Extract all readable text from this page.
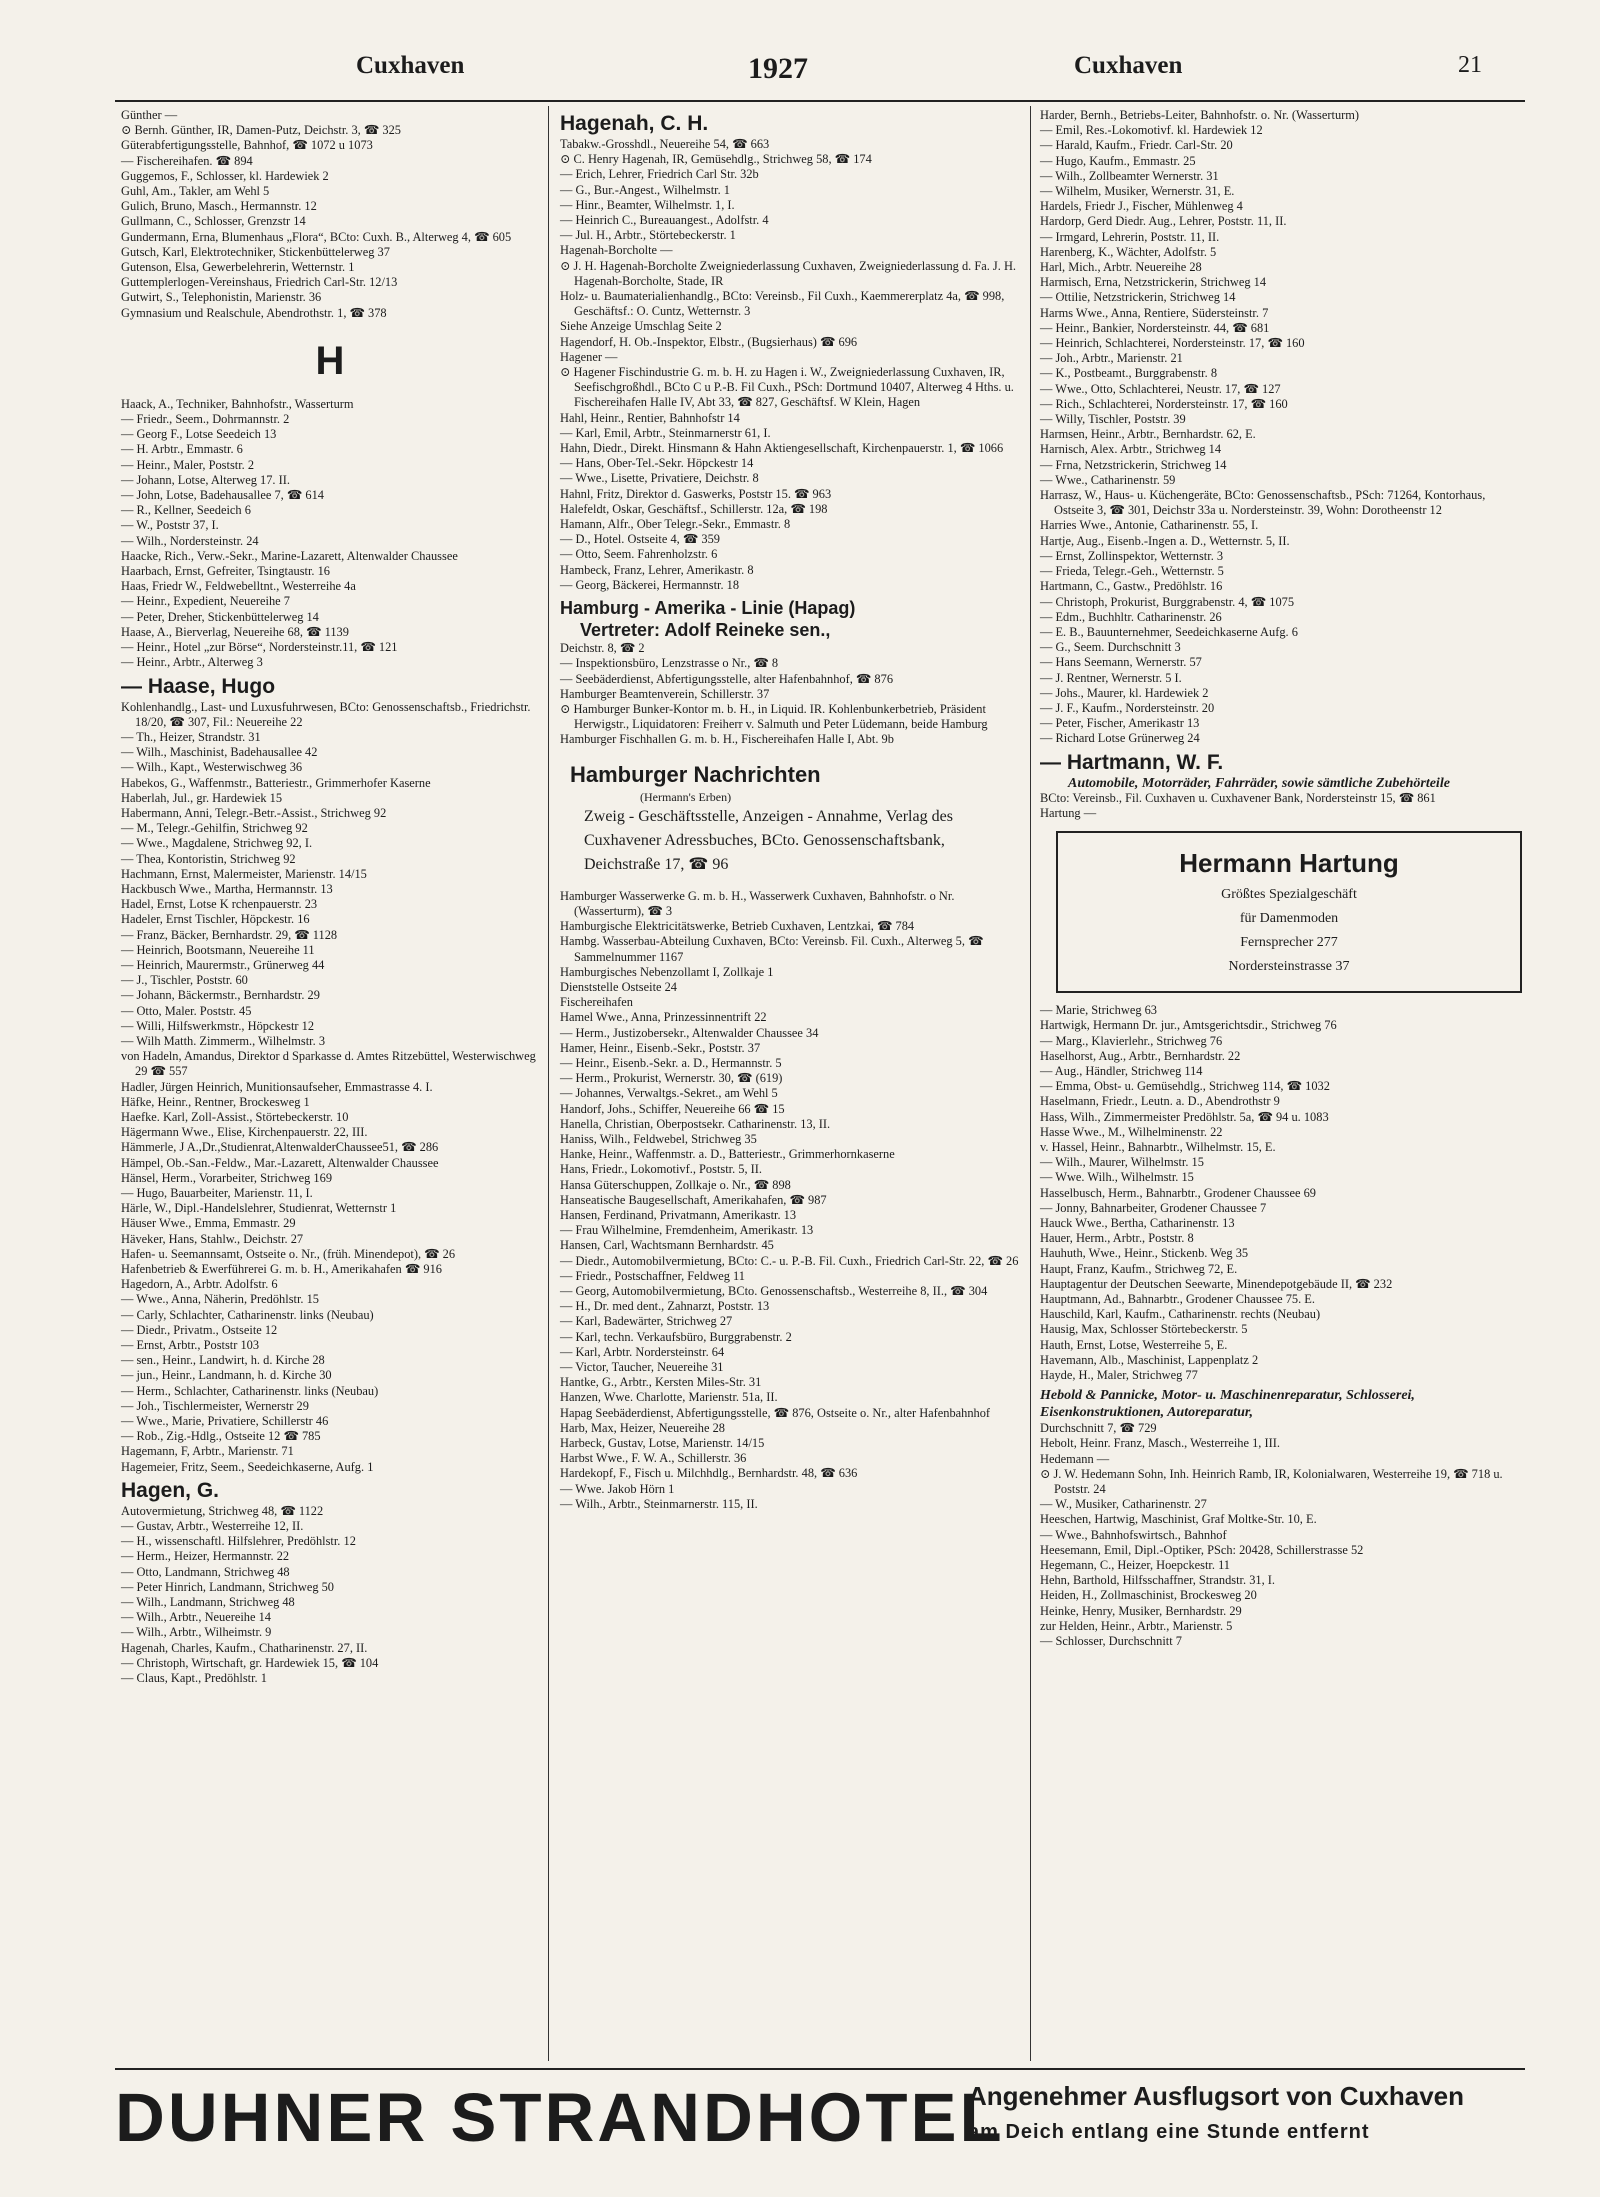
Cuxhaven	1927	Cuxhaven	21
Günther —
⊙ Bernh. Günther, IR, Damen-Putz, Deichstr. 3, ☎ 325
Güterabfertigungsstelle, Bahnhof, ☎ 1072 u 1073
— Fischereihafen. ☎ 894
Guggemos, F., Schlosser, kl. Hardewiek 2
Guhl, Am., Takler, am Wehl 5
Gulich, Bruno, Masch., Hermannstr. 12
Gullmann, C., Schlosser, Grenzstr 14
Gundermann, Erna, Blumenhaus „Flora“, BCto: Cuxh. B., Alterweg 4, ☎ 605
Gutsch, Karl, Elektrotechniker, Stickenbüttelerweg 37
Gutenson, Elsa, Gewerbelehrerin, Wetternstr. 1
Guttemplerlogen-Vereinshaus, Friedrich Carl-Str. 12/13
Gutwirt, S., Telephonistin, Marienstr. 36
Gymnasium und Realschule, Abendrothstr. 1, ☎ 378
H
Haack, A., Techniker, Bahnhofstr., Wasserturm
— Friedr., Seem., Dohrmannstr. 2
— Georg F., Lotse Seedeich 13
— H. Arbtr., Emmastr. 6
— Heinr., Maler, Poststr. 2
— Johann, Lotse, Alterweg 17. II.
— John, Lotse, Badehausallee 7, ☎ 614
— R., Kellner, Seedeich 6
— W., Poststr 37, I.
— Wilh., Nordersteinstr. 24
Haacke, Rich., Verw.-Sekr., Marine-Lazarett, Altenwalder Chaussee
Haarbach, Ernst, Gefreiter, Tsingtaustr. 16
Haas, Friedr W., Feldwebelltnt., Westerreihe 4a
— Heinr., Expedient, Neuereihe 7
— Peter, Dreher, Stickenbüttelerweg 14
Haase, A., Bierverlag, Neuereihe 68, ☎ 1139
— Heinr., Hotel „zur Börse“, Nordersteinstr.11, ☎ 121
— Heinr., Arbtr., Alterweg 3
— Haase, Hugo
Kohlenhandlg., Last- und Luxusfuhrwesen, BCto: Genossenschaftsb., Friedrichstr. 18/20, ☎ 307, Fil.: Neuereihe 22
— Th., Heizer, Strandstr. 31
— Wilh., Maschinist, Badehausallee 42
— Wilh., Kapt., Westerwischweg 36
Habekos, G., Waffenmstr., Batteriestr., Grimmerhofer Kaserne
Haberlah, Jul., gr. Hardewiek 15
Habermann, Anni, Telegr.-Betr.-Assist., Strichweg 92
— M., Telegr.-Gehilfin, Strichweg 92
— Wwe., Magdalene, Strichweg 92, I.
— Thea, Kontoristin, Strichweg 92
Hachmann, Ernst, Malermeister, Marienstr. 14/15
Hackbusch Wwe., Martha, Hermannstr. 13
Hadel, Ernst, Lotse K rchenpauerstr. 23
Hadeler, Ernst Tischler, Höpckestr. 16
— Franz, Bäcker, Bernhardstr. 29, ☎ 1128
— Heinrich, Bootsmann, Neuereihe 11
— Heinrich, Maurermstr., Grünerweg 44
— J., Tischler, Poststr. 60
— Johann, Bäckermstr., Bernhardstr. 29
— Otto, Maler. Poststr. 45
— Willi, Hilfswerkmstr., Höpckestr 12
— Wilh Matth. Zimmerm., Wilhelmstr. 3
von Hadeln, Amandus, Direktor d Sparkasse d. Amtes Ritzebüttel, Westerwischweg 29 ☎ 557
Hadler, Jürgen Heinrich, Munitionsaufseher, Emmastrasse 4. I.
Häfke, Heinr., Rentner, Brockesweg 1
Haefke. Karl, Zoll-Assist., Störtebeckerstr. 10
Hägermann Wwe., Elise, Kirchenpauerstr. 22, III.
Hämmerle, J A.,Dr.,Studienrat,AltenwalderChaussee51, ☎ 286
Hämpel, Ob.-San.-Feldw., Mar.-Lazarett, Altenwalder Chaussee
Hänsel, Herm., Vorarbeiter, Strichweg 169
— Hugo, Bauarbeiter, Marienstr. 11, I.
Härle, W., Dipl.-Handelslehrer, Studienrat, Wetternstr 1
Häuser Wwe., Emma, Emmastr. 29
Häveker, Hans, Stahlw., Deichstr. 27
Hafen- u. Seemannsamt, Ostseite o. Nr., (früh. Minendepot), ☎ 26
Hafenbetrieb & Ewerführerei G. m. b. H., Amerikahafen ☎ 916
Hagedorn, A., Arbtr. Adolfstr. 6
— Wwe., Anna, Näherin, Predöhlstr. 15
— Carly, Schlachter, Catharinenstr. links (Neubau)
— Diedr., Privatm., Ostseite 12
— Ernst, Arbtr., Poststr 103
— sen., Heinr., Landwirt, h. d. Kirche 28
— jun., Heinr., Landmann, h. d. Kirche 30
— Herm., Schlachter, Catharinenstr. links (Neubau)
— Joh., Tischlermeister, Wernerstr 29
— Wwe., Marie, Privatiere, Schillerstr 46
— Rob., Zig.-Hdlg., Ostseite 12 ☎ 785
Hagemann, F, Arbtr., Marienstr. 71
Hagemeier, Fritz, Seem., Seedeichkaserne, Aufg. 1
Hagen, G.
Autovermietung, Strichweg 48, ☎ 1122
— Gustav, Arbtr., Westerreihe 12, II.
— H., wissenschaftl. Hilfslehrer, Predöhlstr. 12
— Herm., Heizer, Hermannstr. 22
— Otto, Landmann, Strichweg 48
— Peter Hinrich, Landmann, Strichweg 50
— Wilh., Landmann, Strichweg 48
— Wilh., Arbtr., Neuereihe 14
— Wilh., Arbtr., Wilheimstr. 9
Hagenah, Charles, Kaufm., Chatharinenstr. 27, II.
— Christoph, Wirtschaft, gr. Hardewiek 15, ☎ 104
— Claus, Kapt., Predöhlstr. 1
Hagenah, C. H.
Tabakw.-Grosshdl., Neuereihe 54, ☎ 663
⊙ C. Henry Hagenah, IR, Gemüsehdlg., Strichweg 58, ☎ 174
— Erich, Lehrer, Friedrich Carl Str. 32b
— G., Bur.-Angest., Wilhelmstr. 1
— Hinr., Beamter, Wilhelmstr. 1, I.
— Heinrich C., Bureauangest., Adolfstr. 4
— Jul. H., Arbtr., Störtebeckerstr. 1
Hagenah-Borcholte —
⊙ J. H. Hagenah-Borcholte Zweigniederlassung Cuxhaven, Zweigniederlassung d. Fa. J. H. Hagenah-Borcholte, Stade, IR
Holz- u. Baumaterialienhandlg., BCto: Vereinsb., Fil Cuxh., Kaemmererplatz 4a, ☎ 998, Geschäftsf.: O. Cuntz, Wetternstr. 3
Siehe Anzeige Umschlag Seite 2
Hagendorf, H. Ob.-Inspektor, Elbstr., (Bugsierhaus) ☎ 696
Hagener —
⊙ Hagener Fischindustrie G. m. b. H. zu Hagen i. W., Zweigniederlassung Cuxhaven, IR, Seefischgroßhdl., BCto C u P.-B. Fil Cuxh., PSch: Dortmund 10407, Alterweg 4 Hths. u. Fischereihafen Halle IV, Abt 33, ☎ 827, Geschäftsf. W Klein, Hagen
Hahl, Heinr., Rentier, Bahnhofstr 14
— Karl, Emil, Arbtr., Steinmarnerstr 61, I.
Hahn, Diedr., Direkt. Hinsmann & Hahn Aktiengesellschaft, Kirchenpauerstr. 1, ☎ 1066
— Hans, Ober-Tel.-Sekr. Höpckestr 14
— Wwe., Lisette, Privatiere, Deichstr. 8
Hahnl, Fritz, Direktor d. Gaswerks, Poststr 15. ☎ 963
Halefeldt, Oskar, Geschäftsf., Schillerstr. 12a, ☎ 198
Hamann, Alfr., Ober Telegr.-Sekr., Emmastr. 8
— D., Hotel. Ostseite 4, ☎ 359
— Otto, Seem. Fahrenholzstr. 6
Hambeck, Franz, Lehrer, Amerikastr. 8
— Georg, Bäckerei, Hermannstr. 18
Hamburg - Amerika - Linie (Hapag)
Vertreter: Adolf Reineke sen.,
Deichstr. 8, ☎ 2
— Inspektionsbüro, Lenzstrasse o Nr., ☎ 8
— Seebäderdienst, Abfertigungsstelle, alter Hafenbahnhof, ☎ 876
Hamburger Beamtenverein, Schillerstr. 37
⊙ Hamburger Bunker-Kontor m. b. H., in Liquid. IR. Kohlenbunkerbetrieb, Präsident Herwigstr., Liquidatoren: Freiherr v. Salmuth und Peter Lüdemann, beide Hamburg
Hamburger Fischhallen G. m. b. H., Fischereihafen Halle I, Abt. 9b
Hamburger Nachrichten
(Hermann's Erben)
Zweig - Geschäftsstelle, Anzeigen - Annahme, Verlag des Cuxhavener Adressbuches, BCto. Genossenschaftsbank, Deichstraße 17, ☎ 96
Hamburger Wasserwerke G. m. b. H., Wasserwerk Cuxhaven, Bahnhofstr. o Nr. (Wasserturm), ☎ 3
Hamburgische Elektricitätswerke, Betrieb Cuxhaven, Lentzkai, ☎ 784
Hambg. Wasserbau-Abteilung Cuxhaven, BCto: Vereinsb. Fil. Cuxh., Alterweg 5, ☎ Sammelnummer 1167
Hamburgisches Nebenzollamt I, Zollkaje 1
Dienststelle Ostseite 24
Fischereihafen
Hamel Wwe., Anna, Prinzessinnentrift 22
— Herm., Justizobersekr., Altenwalder Chaussee 34
Hamer, Heinr., Eisenb.-Sekr., Poststr. 37
— Heinr., Eisenb.-Sekr. a. D., Hermannstr. 5
— Herm., Prokurist, Wernerstr. 30, ☎ (619)
— Johannes, Verwaltgs.-Sekret., am Wehl 5
Handorf, Johs., Schiffer, Neuereihe 66 ☎ 15
Hanella, Christian, Oberpostsekr. Catharinenstr. 13, II.
Haniss, Wilh., Feldwebel, Strichweg 35
Hanke, Heinr., Waffenmstr. a. D., Batteriestr., Grimmerhornkaserne
Hans, Friedr., Lokomotivf., Poststr. 5, II.
Hansa Güterschuppen, Zollkaje o. Nr., ☎ 898
Hanseatische Baugesellschaft, Amerikahafen, ☎ 987
Hansen, Ferdinand, Privatmann, Amerikastr. 13
— Frau Wilhelmine, Fremdenheim, Amerikastr. 13
Hansen, Carl, Wachtsmann Bernhardstr. 45
— Diedr., Automobilvermietung, BCto: C.- u. P.-B. Fil. Cuxh., Friedrich Carl-Str. 22, ☎ 26
— Friedr., Postschaffner, Feldweg 11
— Georg, Automobilvermietung, BCto. Genossenschaftsb., Westerreihe 8, II., ☎ 304
— H., Dr. med dent., Zahnarzt, Poststr. 13
— Karl, Badewärter, Strichweg 27
— Karl, techn. Verkaufsbüro, Burggrabenstr. 2
— Karl, Arbtr. Nordersteinstr. 64
— Victor, Taucher, Neuereihe 31
Hantke, G., Arbtr., Kersten Miles-Str. 31
Hanzen, Wwe. Charlotte, Marienstr. 51a, II.
Hapag Seebäderdienst, Abfertigungsstelle, ☎ 876, Ostseite o. Nr., alter Hafenbahnhof
Harb, Max, Heizer, Neuereihe 28
Harbeck, Gustav, Lotse, Marienstr. 14/15
Harbst Wwe., F. W. A., Schillerstr. 36
Hardekopf, F., Fisch u. Milchhdlg., Bernhardstr. 48, ☎ 636
— Wwe. Jakob Hörn 1
— Wilh., Arbtr., Steinmarnerstr. 115, II.
Harder, Bernh., Betriebs-Leiter, Bahnhofstr. o. Nr. (Wasserturm)
— Emil, Res.-Lokomotivf. kl. Hardewiek 12
— Harald, Kaufm., Friedr. Carl-Str. 20
— Hugo, Kaufm., Emmastr. 25
— Wilh., Zollbeamter Wernerstr. 31
— Wilhelm, Musiker, Wernerstr. 31, E.
Hardels, Friedr J., Fischer, Mühlenweg 4
Hardorp, Gerd Diedr. Aug., Lehrer, Poststr. 11, II.
— Irmgard, Lehrerin, Poststr. 11, II.
Harenberg, K., Wächter, Adolfstr. 5
Harl, Mich., Arbtr. Neuereihe 28
Harmisch, Erna, Netzstrickerin, Strichweg 14
— Ottilie, Netzstrickerin, Strichweg 14
Harms Wwe., Anna, Rentiere, Südersteinstr. 7
— Heinr., Bankier, Nordersteinstr. 44, ☎ 681
— Heinrich, Schlachterei, Nordersteinstr. 17, ☎ 160
— Joh., Arbtr., Marienstr. 21
— K., Postbeamt., Burggrabenstr. 8
— Wwe., Otto, Schlachterei, Neustr. 17, ☎ 127
— Rich., Schlachterei, Nordersteinstr. 17, ☎ 160
— Willy, Tischler, Poststr. 39
Harmsen, Heinr., Arbtr., Bernhardstr. 62, E.
Harnisch, Alex. Arbtr., Strichweg 14
— Frna, Netzstrickerin, Strichweg 14
— Wwe., Catharinenstr. 59
Harrasz, W., Haus- u. Küchengeräte, BCto: Genossenschaftsb., PSch: 71264, Kontorhaus, Ostseite 3, ☎ 301, Deichstr 33a u. Nordersteinstr. 39, Wohn: Dorotheenstr 12
Harries Wwe., Antonie, Catharinenstr. 55, I.
Hartje, Aug., Eisenb.-Ingen a. D., Wetternstr. 5, II.
— Ernst, Zollinspektor, Wetternstr. 3
— Frieda, Telegr.-Geh., Wetternstr. 5
Hartmann, C., Gastw., Predöhlstr. 16
— Christoph, Prokurist, Burggrabenstr. 4, ☎ 1075
— Edm., Buchhltr. Catharinenstr. 26
— E. B., Bauunternehmer, Seedeichkaserne Aufg. 6
— G., Seem. Durchschnitt 3
— Hans Seemann, Wernerstr. 57
— J. Rentner, Wernerstr. 5 I.
— Johs., Maurer, kl. Hardewiek 2
— J. F., Kaufm., Nordersteinstr. 20
— Peter, Fischer, Amerikastr 13
— Richard Lotse Grünerweg 24
— Hartmann, W. F.
Automobile, Motorräder, Fahrräder, sowie sämtliche Zubehörteile
BCto: Vereinsb., Fil. Cuxhaven u. Cuxhavener Bank, Nordersteinstr 15, ☎ 861
Hartung —
Hermann Hartung
Größtes Spezialgeschäft
für Damenmoden
Fernsprecher 277
Nordersteinstrasse 37
— Marie, Strichweg 63
Hartwigk, Hermann Dr. jur., Amtsgerichtsdir., Strichweg 76
— Marg., Klavierlehr., Strichweg 76
Haselhorst, Aug., Arbtr., Bernhardstr. 22
— Aug., Händler, Strichweg 114
— Emma, Obst- u. Gemüsehdlg., Strichweg 114, ☎ 1032
Haselmann, Friedr., Leutn. a. D., Abendrothstr 9
Hass, Wilh., Zimmermeister Predöhlstr. 5a, ☎ 94 u. 1083
Hasse Wwe., M., Wilhelminenstr. 22
v. Hassel, Heinr., Bahnarbtr., Wilhelmstr. 15, E.
— Wilh., Maurer, Wilhelmstr. 15
— Wwe. Wilh., Wilhelmstr. 15
Hasselbusch, Herm., Bahnarbtr., Grodener Chaussee 69
— Jonny, Bahnarbeiter, Grodener Chaussee 7
Hauck Wwe., Bertha, Catharinenstr. 13
Hauer, Herm., Arbtr., Poststr. 8
Hauhuth, Wwe., Heinr., Stickenb. Weg 35
Haupt, Franz, Kaufm., Strichweg 72, E.
Hauptagentur der Deutschen Seewarte, Minendepotgebäude II, ☎ 232
Hauptmann, Ad., Bahnarbtr., Grodener Chaussee 75. E.
Hauschild, Karl, Kaufm., Catharinenstr. rechts (Neubau)
Hausig, Max, Schlosser Störtebeckerstr. 5
Hauth, Ernst, Lotse, Westerreihe 5, E.
Havemann, Alb., Maschinist, Lappenplatz 2
Hayde, H., Maler, Strichweg 77
Hebold & Pannicke, Motor- u. Maschinenreparatur, Schlosserei, Eisenkonstruktionen, Autoreparatur,
Durchschnitt 7, ☎ 729
Hebolt, Heinr. Franz, Masch., Westerreihe 1, III.
Hedemann —
⊙ J. W. Hedemann Sohn, Inh. Heinrich Ramb, IR, Kolonialwaren, Westerreihe 19, ☎ 718 u. Poststr. 24
— W., Musiker, Catharinenstr. 27
Heeschen, Hartwig, Maschinist, Graf Moltke-Str. 10, E.
— Wwe., Bahnhofswirtsch., Bahnhof
Heesemann, Emil, Dipl.-Optiker, PSch: 20428, Schillerstrasse 52
Hegemann, C., Heizer, Hoepckestr. 11
Hehn, Barthold, Hilfsschaffner, Strandstr. 31, I.
Heiden, H., Zollmaschinist, Brockesweg 20
Heinke, Henry, Musiker, Bernhardstr. 29
zur Helden, Heinr., Arbtr., Marienstr. 5
— Schlosser, Durchschnitt 7
DUHNER STRANDHOTEL
Angenehmer Ausflugsort von Cuxhaven
am Deich entlang eine Stunde entfernt
